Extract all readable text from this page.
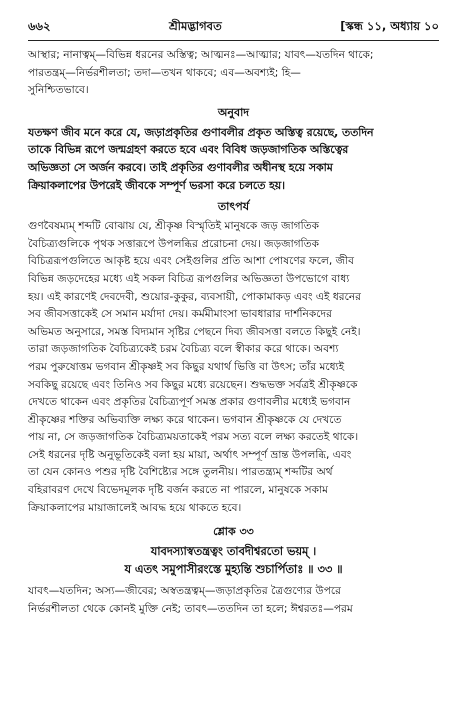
৬৬২	শ্রীমদ্ভাগবত	[স্কন্ধ ১১, অধ্যায় ১০

আস্থার; নানাত্বম্—বিভিন্ন ধরনের অস্তিত্ব; আত্মনঃ—আত্মার; যাবৎ—যতদিন থাকে;

পারতন্ত্রম্—নির্ভরশীলতা; তদা—তখন থাকবে; এব—অবশ্যই; হি—

সুনিশ্চিতভাবে।

অনুবাদ

যতক্ষণ জীব মনে করে যে, জড়াপ্রকৃতির গুণাবলীর প্রকৃত অস্তিত্ব রয়েছে, ততদিন

তাকে বিভিন্ন রূপে জন্মগ্রহণ করতে হবে এবং বিবিধ জড়জাগতিক অস্তিত্বের

অভিজ্ঞতা সে অর্জন করবে। তাই প্রকৃতির গুণাবলীর অধীনস্থ হয়ে সকাম

ক্রিয়াকলাপের উপরেই জীবকে সম্পূর্ণ ভরসা করে চলতে হয়।

তাৎপর্য

গুণবৈষম্যম্ শব্দটি বোঝায় যে, শ্রীকৃষ্ণ বিস্মৃতিই মানুষকে জড় জাগতিক

বৈচিত্র্যগুলিকে পৃথক সত্তারূপে উপলব্ধির প্ররোচনা দেয়। জড়জাগতিক

বিচিত্ররূপগুলিতে আকৃষ্ট হয়ে এবং সেইগুলির প্রতি আশা পোষণের ফলে, জীব

বিভিন্ন জড়দেহের মধ্যে এই সকল বিচিত্র রূপগুলির অভিজ্ঞতা উপভোগে বাধ্য

হয়। এই কারণেই দেবদেবী, শুয়োর-কুকুর, ব্যবসায়ী, পোকামাকড় এবং এই ধরনের

সব জীবসত্তাকেই সে সমান মর্যাদা দেয়। কর্মমীমাংসা ভাবধারার দার্শনিকদের

অভিমত অনুসারে, সমস্ত বিদ্যমান সৃষ্টির পেছনে দিব্য জীবসত্তা বলতে কিছুই নেই।

তারা জড়জাগতিক বৈচিত্র্যকেই চরম বৈচিত্র্য বলে স্বীকার করে থাকে। অবশ্য

পরম পুরুষোত্তম ভগবান শ্রীকৃষ্ণই সব কিছুর যথার্থ ভিত্তি বা উৎস; তাঁর মধ্যেই

সবকিছু রয়েছে এবং তিনিও সব কিছুর মধ্যে রয়েছেন। শুদ্ধভক্ত সর্বত্রই শ্রীকৃষ্ণকে

দেখতে থাকেন এবং প্রকৃতির বৈচিত্র্যপূর্ণ সমস্ত প্রকার গুণাবলীর মধ্যেই ভগবান

শ্রীকৃষ্ণের শক্তির অভিব্যক্তি লক্ষ্য করে থাকেন। ভগবান শ্রীকৃষ্ণকে যে দেখতে

পায় না, সে জড়জাগতিক বৈচিত্র্যময়তাকেই পরম সত্য বলে লক্ষ্য করতেই থাকে।

সেই ধরনের দৃষ্টি অনুভূতিকেই বলা হয় মায়া, অর্থাৎ সম্পূর্ণ ভ্রান্ত উপলব্ধি, এবং

তা যেন কোনও পশুর দৃষ্টি বৈশিষ্ট্যের সঙ্গে তুলনীয়। পারতন্ত্র্যম্ শব্দটির অর্থ

বহিরাবরণ দেখে বিভেদমূলক দৃষ্টি বর্জন করতে না পারলে, মানুষকে সকাম

ক্রিয়াকলাপের মায়াজালেই আবদ্ধ হয়ে থাকতে হবে।

শ্লোক ৩৩
যাবদস্যাস্বতন্ত্রত্বং তাবদীশ্বরতো ভয়ম্ ।
য এতৎ সমুপাসীরংস্তে মুহ্যন্তি শুচার্পিতাঃ ॥ ৩৩ ॥

যাবৎ—যতদিন; অস্য—জীবের; অস্বতন্ত্রত্বম্—জড়াপ্রকৃতির ত্রৈগুণ্যের উপরে

নির্ভরশীলতা থেকে কোনই মুক্তি নেই; তাবৎ—ততদিন তা হলে; ঈশ্বরতঃ—পরম
